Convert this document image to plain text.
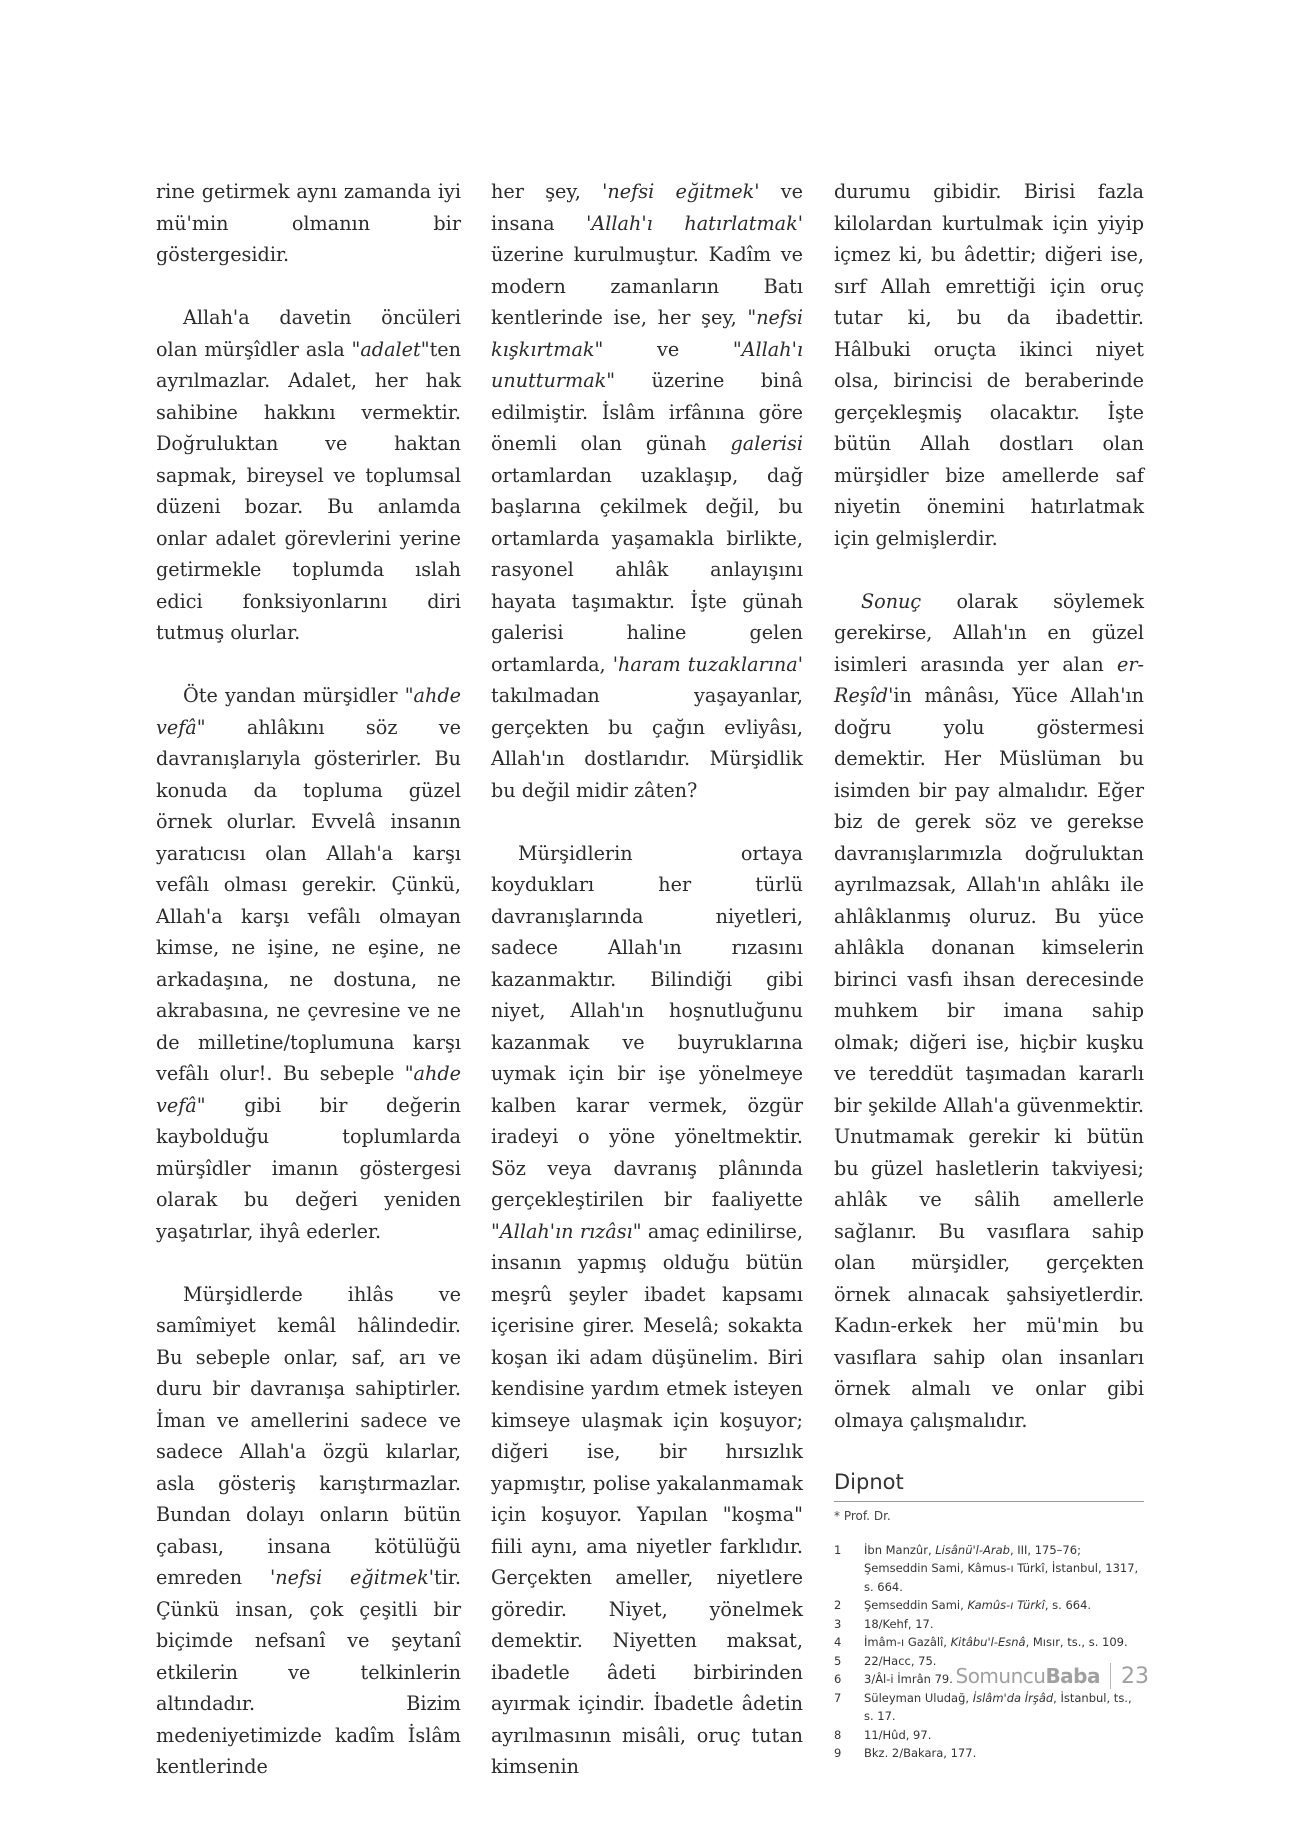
rine getirmek aynı zamanda iyi mü'min olmanın bir göstergesidir.

Allah'a davetin öncüleri olan mürşîdler asla "adalet"ten ayrılmazlar. Adalet, her hak sahibine hakkını vermektir. Doğruluktan ve haktan sapmak, bireysel ve toplumsal düzeni bozar. Bu anlamda onlar adalet görevlerini yerine getirmekle toplumda ıslah edici fonksiyonlarını diri tutmuş olurlar.

Öte yandan mürşidler "ahde vefâ" ahlâkını söz ve davranışlarıyla gösterirler. Bu konuda da topluma güzel örnek olurlar. Evvelâ insanın yaratıcısı olan Allah'a karşı vefâlı olması gerekir. Çünkü, Allah'a karşı vefâlı olmayan kimse, ne işine, ne eşine, ne arkadaşına, ne dostuna, ne akrabasına, ne çevresine ve ne de milletine/toplumuna karşı vefâlı olur!. Bu sebeple "ahde vefâ" gibi bir değerin kaybolduğu toplumlarda mürşîdler imanın göstergesi olarak bu değeri yeniden yaşatırlar, ihyâ ederler.

Mürşidlerde ihlâs ve samîmiyet kemâl hâlindedir. Bu sebeple onlar, saf, arı ve duru bir davranışa sahiptirler. İman ve amellerini sadece ve sadece Allah'a özgü kılarlar, asla gösteriş karıştırmazlar. Bundan dolayı onların bütün çabası, insana kötülüğü emreden 'nefsi eğitmek'tir. Çünkü insan, çok çeşitli bir biçimde nefsanî ve şeytanî etkilerin ve telkinlerin altındadır. Bizim medeniyetimizde kadîm İslâm kentlerinde

her şey, 'nefsi eğitmek' ve insana 'Allah'ı hatırlatmak' üzerine kurulmuştur. Kadîm ve modern zamanların Batı kentlerinde ise, her şey, "nefsi kışkırtmak" ve "Allah'ı unutturmak" üzerine binâ edilmiştir. İslâm irfânına göre önemli olan günah galerisi ortamlardan uzaklaşıp, dağ başlarına çekilmek değil, bu ortamlarda yaşamakla birlikte, rasyonel ahlâk anlayışını hayata taşımaktır. İşte günah galerisi haline gelen ortamlarda, 'haram tuzaklarına' takılmadan yaşayanlar, gerçekten bu çağın evliyâsı, Allah'ın dostlarıdır. Mürşidlik bu değil midir zâten?

Mürşidlerin ortaya koydukları her türlü davranışlarında niyetleri, sadece Allah'ın rızasını kazanmaktır. Bilindiği gibi niyet, Allah'ın hoşnutluğunu kazanmak ve buyruklarına uymak için bir işe yönelmeye kalben karar vermek, özgür iradeyi o yöne yöneltmektir. Söz veya davranış plânında gerçekleştirilen bir faaliyette "Allah'ın rızâsı" amaç edinilirse, insanın yapmış olduğu bütün meşrû şeyler ibadet kapsamı içerisine girer. Meselâ; sokakta koşan iki adam düşünelim. Biri kendisine yardım etmek isteyen kimseye ulaşmak için koşuyor; diğeri ise, bir hırsızlık yapmıştır, polise yakalanmamak için koşuyor. Yapılan "koşma" fiili aynı, ama niyetler farklıdır. Gerçekten ameller, niyetlere göredir. Niyet, yönelmek demektir. Niyetten maksat, ibadetle âdeti birbirinden ayırmak içindir. İbadetle âdetin ayrılmasının misâli, oruç tutan kimsenin

durumu gibidir. Birisi fazla kilolardan kurtulmak için yiyip içmez ki, bu âdettir; diğeri ise, sırf Allah emrettiği için oruç tutar ki, bu da ibadettir. Hâlbuki oruçta ikinci niyet olsa, birincisi de beraberinde gerçekleşmiş olacaktır. İşte bütün Allah dostları olan mürşidler bize amellerde saf niyetin önemini hatırlatmak için gelmişlerdir.

Sonuç olarak söylemek gerekirse, Allah'ın en güzel isimleri arasında yer alan er-Reşîd'in mânâsı, Yüce Allah'ın doğru yolu göstermesi demektir. Her Müslüman bu isimden bir pay almalıdır. Eğer biz de gerek söz ve gerekse davranışlarımızla doğruluktan ayrılmazsak, Allah'ın ahlâkı ile ahlâklanmış oluruz. Bu yüce ahlâkla donanan kimselerin birinci vasfı ihsan derecesinde muhkem bir imana sahip olmak; diğeri ise, hiçbir kuşku ve tereddüt taşımadan kararlı bir şekilde Allah'a güvenmektir. Unutmamak gerekir ki bütün bu güzel hasletlerin takviyesi; ahlâk ve sâlih amellerle sağlanır. Bu vasıflara sahip olan mürşidler, gerçekten örnek alınacak şahsiyetlerdir. Kadın-erkek her mü'min bu vasıflara sahip olan insanları örnek almalı ve onlar gibi olmaya çalışmalıdır.

Dipnot
* Prof. Dr.
1	İbn Manzûr, Lisânü'l-Arab, III, 175–76; Şemseddin Sami, Kâmus-ı Türkî, İstanbul, 1317, s. 664.
2	Şemseddin Sami, Kamûs-ı Türkî, s. 664.
3	18/Kehf, 17.
4	İmâm-ı Gazâlî, Kitâbu'l-Esnâ, Mısır, ts., s. 109.
5	22/Hacc, 75.
6	3/Âl-i İmrân 79.
7	Süleyman Uludağ, İslâm'da İrşâd, İstanbul, ts., s. 17.
8	11/Hûd, 97.
9	Bkz. 2/Bakara, 177.
SomuncuBaba 23
